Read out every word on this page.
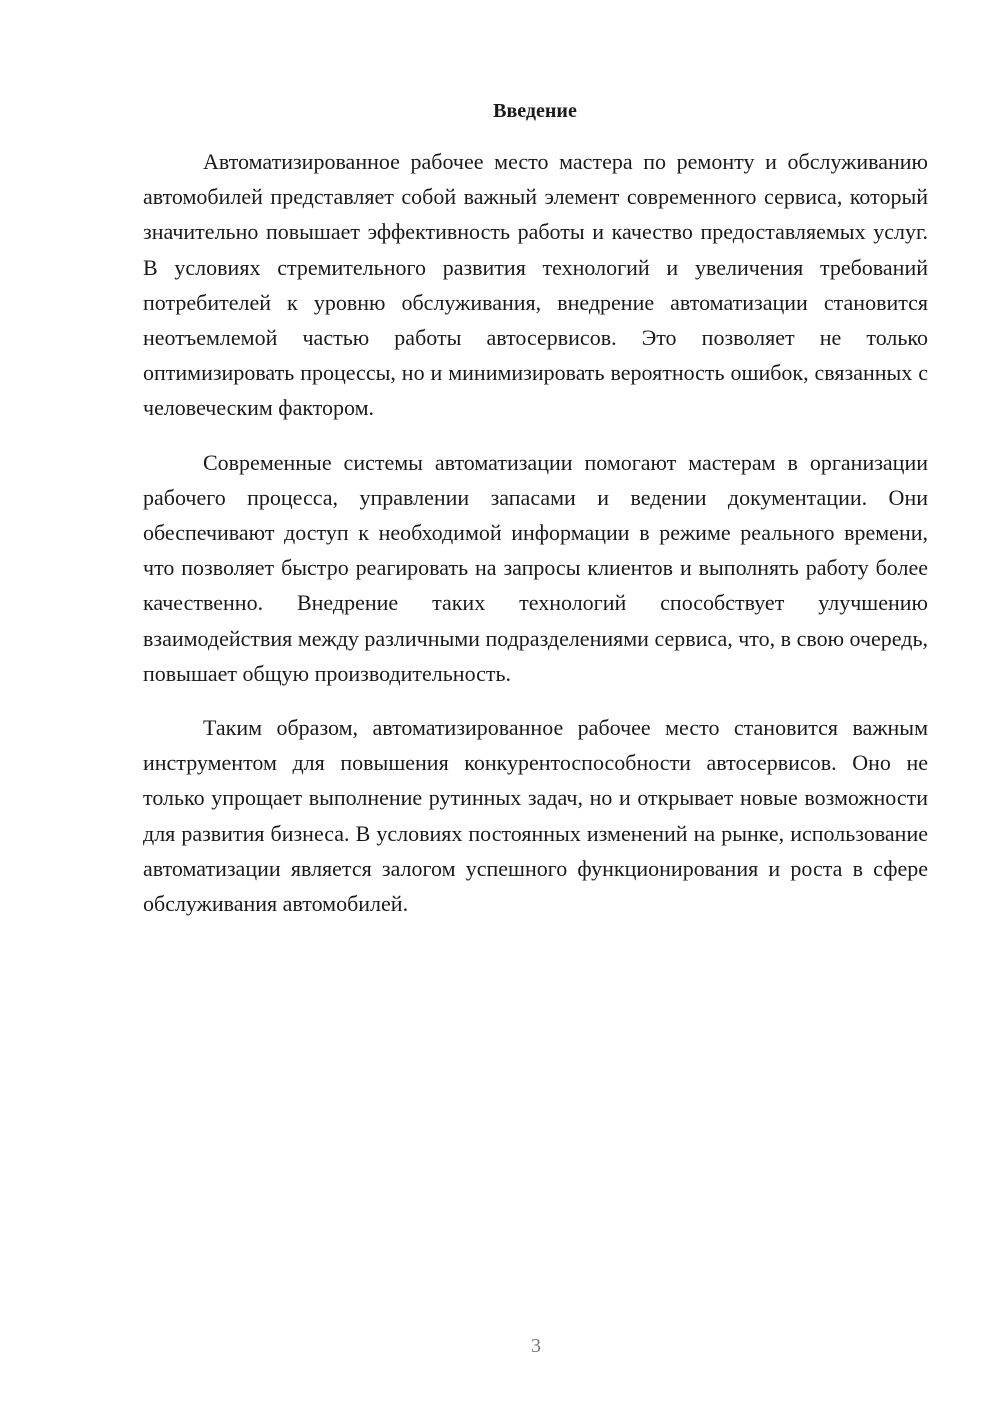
Введение

Автоматизированное рабочее место мастера по ремонту и обслуживанию автомобилей представляет собой важный элемент современного сервиса, который значительно повышает эффективность работы и качество предоставляемых услуг. В условиях стремительного развития технологий и увеличения требований потребителей к уровню обслуживания, внедрение автоматизации становится неотъемлемой частью работы автосервисов. Это позволяет не только оптимизировать процессы, но и минимизировать вероятность ошибок, связанных с человеческим фактором.

Современные системы автоматизации помогают мастерам в организации рабочего процесса, управлении запасами и ведении документации. Они обеспечивают доступ к необходимой информации в режиме реального времени, что позволяет быстро реагировать на запросы клиентов и выполнять работу более качественно. Внедрение таких технологий способствует улучшению взаимодействия между различными подразделениями сервиса, что, в свою очередь, повышает общую производительность.

Таким образом, автоматизированное рабочее место становится важным инструментом для повышения конкурентоспособности автосервисов. Оно не только упрощает выполнение рутинных задач, но и открывает новые возможности для развития бизнеса. В условиях постоянных изменений на рынке, использование автоматизации является залогом успешного функционирования и роста в сфере обслуживания автомобилей.

3
